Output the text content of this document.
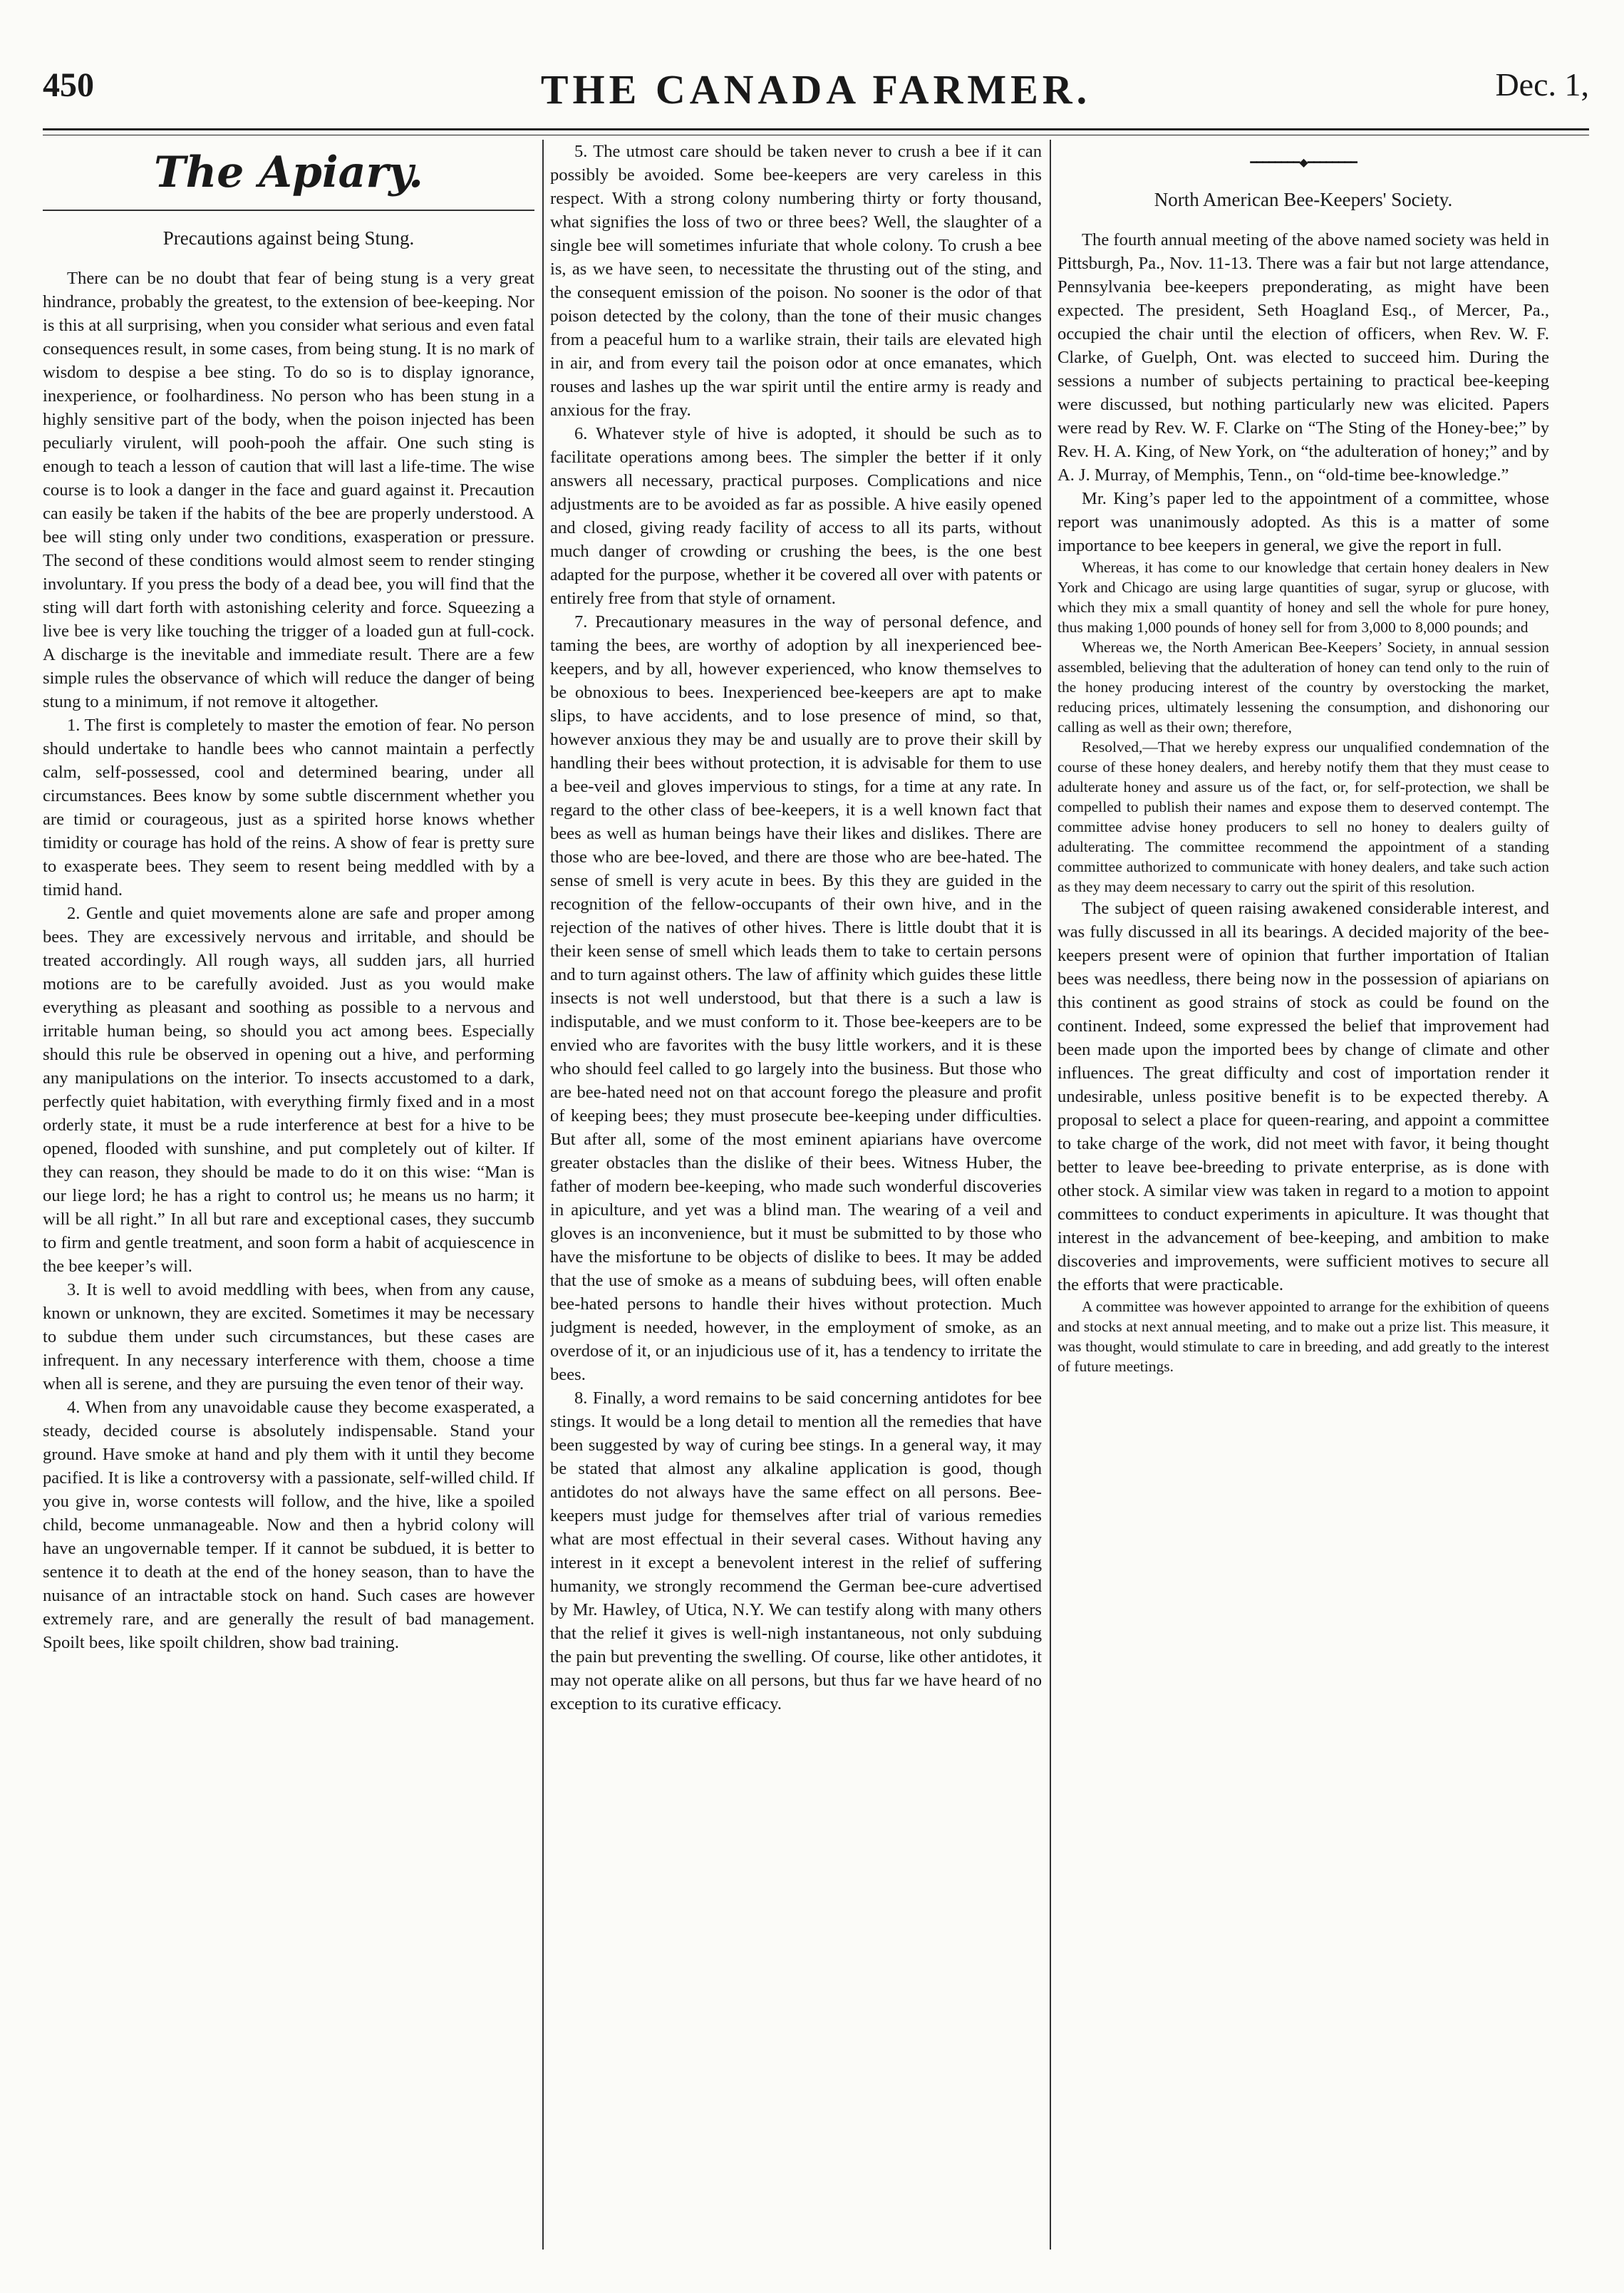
450	THE CANADA FARMER.	Dec. 1,
The Apiary.
Precautions against being Stung.

There can be no doubt that fear of being stung is a very great hindrance, probably the greatest, to the extension of bee-keeping. Nor is this at all surprising, when you consider what serious and even fatal consequences result, in some cases, from being stung. It is no mark of wisdom to despise a bee sting. To do so is to display ignorance, inexperience, or foolhardiness. No person who has been stung in a highly sensitive part of the body, when the poison injected has been peculiarly virulent, will pooh-pooh the affair. One such sting is enough to teach a lesson of caution that will last a life-time. The wise course is to look a danger in the face and guard against it. Precaution can easily be taken if the habits of the bee are properly understood. A bee will sting only under two conditions, exasperation or pressure. The second of these conditions would almost seem to render stinging involuntary. If you press the body of a dead bee, you will find that the sting will dart forth with astonishing celerity and force. Squeezing a live bee is very like touching the trigger of a loaded gun at full-cock. A discharge is the inevitable and immediate result. There are a few simple rules the observance of which will reduce the danger of being stung to a minimum, if not remove it altogether.

1. The first is completely to master the emotion of fear. No person should undertake to handle bees who cannot maintain a perfectly calm, self-possessed, cool and determined bearing, under all circumstances. Bees know by some subtle discernment whether you are timid or courageous, just as a spirited horse knows whether timidity or courage has hold of the reins. A show of fear is pretty sure to exasperate bees. They seem to resent being meddled with by a timid hand.

2. Gentle and quiet movements alone are safe and proper among bees. They are excessively nervous and irritable, and should be treated accordingly. All rough ways, all sudden jars, all hurried motions are to be carefully avoided. Just as you would make everything as pleasant and soothing as possible to a nervous and irritable human being, so should you act among bees. Especially should this rule be observed in opening out a hive, and performing any manipulations on the interior. To insects accustomed to a dark, perfectly quiet habitation, with everything firmly fixed and in a most orderly state, it must be a rude interference at best for a hive to be opened, flooded with sunshine, and put completely out of kilter. If they can reason, they should be made to do it on this wise: “Man is our liege lord; he has a right to control us; he means us no harm; it will be all right.” In all but rare and exceptional cases, they succumb to firm and gentle treatment, and soon form a habit of acquiescence in the bee keeper’s will.

3. It is well to avoid meddling with bees, when from any cause, known or unknown, they are excited. Sometimes it may be necessary to subdue them under such circumstances, but these cases are infrequent. In any necessary interference with them, choose a time when all is serene, and they are pursuing the even tenor of their way.

4. When from any unavoidable cause they become exasperated, a steady, decided course is absolutely indispensable. Stand your ground. Have smoke at hand and ply them with it until they become pacified. It is like a controversy with a passionate, self-willed child. If you give in, worse contests will follow, and the hive, like a spoiled child, become unmanageable. Now and then a hybrid colony will have an ungovernable temper. If it cannot be subdued, it is better to sentence it to death at the end of the honey season, than to have the nuisance of an intractable stock on hand. Such cases are however extremely rare, and are generally the result of bad management. Spoilt bees, like spoilt children, show bad training.

5. The utmost care should be taken never to crush a bee if it can possibly be avoided. Some bee-keepers are very careless in this respect. With a strong colony numbering thirty or forty thousand, what signifies the loss of two or three bees? Well, the slaughter of a single bee will sometimes infuriate that whole colony. To crush a bee is, as we have seen, to necessitate the thrusting out of the sting, and the consequent emission of the poison. No sooner is the odor of that poison detected by the colony, than the tone of their music changes from a peaceful hum to a warlike strain, their tails are elevated high in air, and from every tail the poison odor at once emanates, which rouses and lashes up the war spirit until the entire army is ready and anxious for the fray.

6. Whatever style of hive is adopted, it should be such as to facilitate operations among bees. The simpler the better if it only answers all necessary, practical purposes. Complications and nice adjustments are to be avoided as far as possible. A hive easily opened and closed, giving ready facility of access to all its parts, without much danger of crowding or crushing the bees, is the one best adapted for the purpose, whether it be covered all over with patents or entirely free from that style of ornament.

7. Precautionary measures in the way of personal defence, and taming the bees, are worthy of adoption by all inexperienced bee-keepers, and by all, however experienced, who know themselves to be obnoxious to bees. Inexperienced bee-keepers are apt to make slips, to have accidents, and to lose presence of mind, so that, however anxious they may be and usually are to prove their skill by handling their bees without protection, it is advisable for them to use a bee-veil and gloves impervious to stings, for a time at any rate. In regard to the other class of bee-keepers, it is a well known fact that bees as well as human beings have their likes and dislikes. There are those who are bee-loved, and there are those who are bee-hated. The sense of smell is very acute in bees. By this they are guided in the recognition of the fellow-occupants of their own hive, and in the rejection of the natives of other hives. There is little doubt that it is their keen sense of smell which leads them to take to certain persons and to turn against others. The law of affinity which guides these little insects is not well understood, but that there is a such a law is indisputable, and we must conform to it. Those bee-keepers are to be envied who are favorites with the busy little workers, and it is these who should feel called to go largely into the business. But those who are bee-hated need not on that account forego the pleasure and profit of keeping bees; they must prosecute bee-keeping under difficulties. But after all, some of the most eminent apiarians have overcome greater obstacles than the dislike of their bees. Witness Huber, the father of modern bee-keeping, who made such wonderful discoveries in apiculture, and yet was a blind man. The wearing of a veil and gloves is an inconvenience, but it must be submitted to by those who have the misfortune to be objects of dislike to bees. It may be added that the use of smoke as a means of subduing bees, will often enable bee-hated persons to handle their hives without protection. Much judgment is needed, however, in the employment of smoke, as an overdose of it, or an injudicious use of it, has a tendency to irritate the bees.

8. Finally, a word remains to be said concerning antidotes for bee stings. It would be a long detail to mention all the remedies that have been suggested by way of curing bee stings. In a general way, it may be stated that almost any alkaline application is good, though antidotes do not always have the same effect on all persons. Bee-keepers must judge for themselves after trial of various remedies what are most effectual in their several cases. Without having any interest in it except a benevolent interest in the relief of suffering humanity, we strongly recommend the German bee-cure advertised by Mr. Hawley, of Utica, N.Y. We can testify along with many others that the relief it gives is well-nigh instantaneous, not only subduing the pain but preventing the swelling. Of course, like other antidotes, it may not operate alike on all persons, but thus far we have heard of no exception to its curative efficacy.

━━━━━━━━◆━━━━━━━━
North American Bee-Keepers' Society.

The fourth annual meeting of the above named society was held in Pittsburgh, Pa., Nov. 11-13. There was a fair but not large attendance, Pennsylvania bee-keepers preponderating, as might have been expected. The president, Seth Hoagland Esq., of Mercer, Pa., occupied the chair until the election of officers, when Rev. W. F. Clarke, of Guelph, Ont. was elected to succeed him. During the sessions a number of subjects pertaining to practical bee-keeping were discussed, but nothing particularly new was elicited. Papers were read by Rev. W. F. Clarke on “The Sting of the Honey-bee;” by Rev. H. A. King, of New York, on “the adulteration of honey;” and by A. J. Murray, of Memphis, Tenn., on “old-time bee-knowledge.”

Mr. King’s paper led to the appointment of a committee, whose report was unanimously adopted. As this is a matter of some importance to bee keepers in general, we give the report in full.

Whereas, it has come to our knowledge that certain honey dealers in New York and Chicago are using large quantities of sugar, syrup or glucose, with which they mix a small quantity of honey and sell the whole for pure honey, thus making 1,000 pounds of honey sell for from 3,000 to 8,000 pounds; and

Whereas we, the North American Bee-Keepers’ Society, in annual session assembled, believing that the adulteration of honey can tend only to the ruin of the honey producing interest of the country by overstocking the market, reducing prices, ultimately lessening the consumption, and dishonoring our calling as well as their own; therefore,

Resolved,—That we hereby express our unqualified condemnation of the course of these honey dealers, and hereby notify them that they must cease to adulterate honey and assure us of the fact, or, for self-protection, we shall be compelled to publish their names and expose them to deserved contempt. The committee advise honey producers to sell no honey to dealers guilty of adulterating. The committee recommend the appointment of a standing committee authorized to communicate with honey dealers, and take such action as they may deem necessary to carry out the spirit of this resolution.

The subject of queen raising awakened considerable interest, and was fully discussed in all its bearings. A decided majority of the bee-keepers present were of opinion that further importation of Italian bees was needless, there being now in the possession of apiarians on this continent as good strains of stock as could be found on the continent. Indeed, some expressed the belief that improvement had been made upon the imported bees by change of climate and other influences. The great difficulty and cost of importation render it undesirable, unless positive benefit is to be expected thereby. A proposal to select a place for queen-rearing, and appoint a committee to take charge of the work, did not meet with favor, it being thought better to leave bee-breeding to private enterprise, as is done with other stock. A similar view was taken in regard to a motion to appoint committees to conduct experiments in apiculture. It was thought that interest in the advancement of bee-keeping, and ambition to make discoveries and improvements, were sufficient motives to secure all the efforts that were practicable.

A committee was however appointed to arrange for the exhibition of queens and stocks at next annual meeting, and to make out a prize list. This measure, it was thought, would stimulate to care in breeding, and add greatly to the interest of future meetings.
